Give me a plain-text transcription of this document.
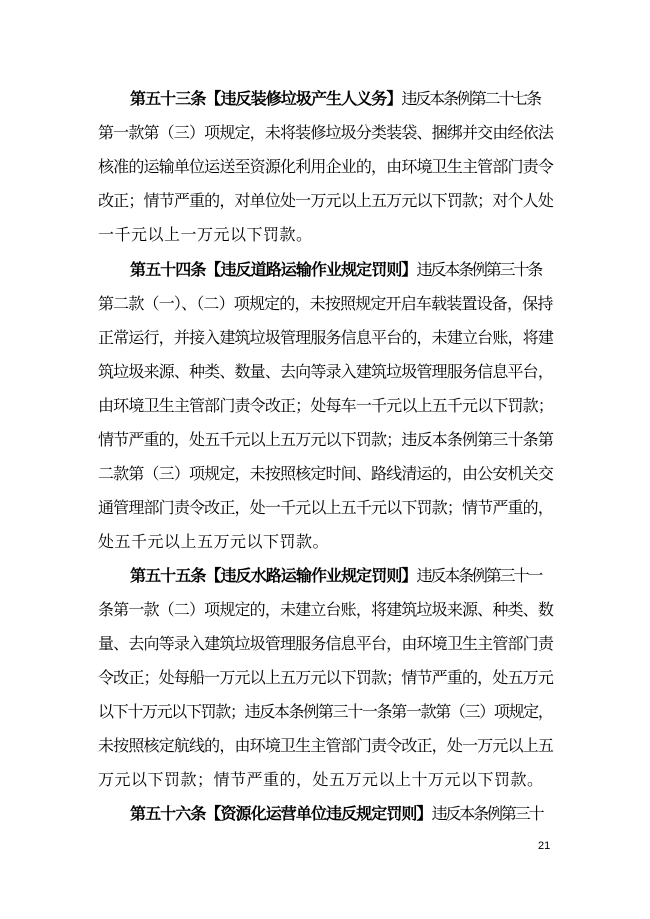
第五十三条【违反装修垃圾产生人义务】违反本条例第二十七条
第一款第（三）项规定，未将装修垃圾分类装袋、捆绑并交由经依法
核准的运输单位运送至资源化利用企业的，由环境卫生主管部门责令
改正；情节严重的，对单位处一万元以上五万元以下罚款；对个人处
一千元以上一万元以下罚款。
第五十四条【违反道路运输作业规定罚则】违反本条例第三十条
第二款（一）、（二）项规定的，未按照规定开启车载装置设备，保持
正常运行，并接入建筑垃圾管理服务信息平台的，未建立台账，将建
筑垃圾来源、种类、数量、去向等录入建筑垃圾管理服务信息平台，
由环境卫生主管部门责令改正；处每车一千元以上五千元以下罚款；
情节严重的，处五千元以上五万元以下罚款；违反本条例第三十条第
二款第（三）项规定，未按照核定时间、路线清运的，由公安机关交
通管理部门责令改正，处一千元以上五千元以下罚款；情节严重的，
处五千元以上五万元以下罚款。
第五十五条【违反水路运输作业规定罚则】违反本条例第三十一
条第一款（二）项规定的，未建立台账，将建筑垃圾来源、种类、数
量、去向等录入建筑垃圾管理服务信息平台，由环境卫生主管部门责
令改正；处每船一万元以上五万元以下罚款；情节严重的，处五万元
以下十万元以下罚款；违反本条例第三十一条第一款第（三）项规定，
未按照核定航线的，由环境卫生主管部门责令改正，处一万元以上五
万元以下罚款；情节严重的，处五万元以上十万元以下罚款。
第五十六条【资源化运营单位违反规定罚则】违反本条例第三十
21
